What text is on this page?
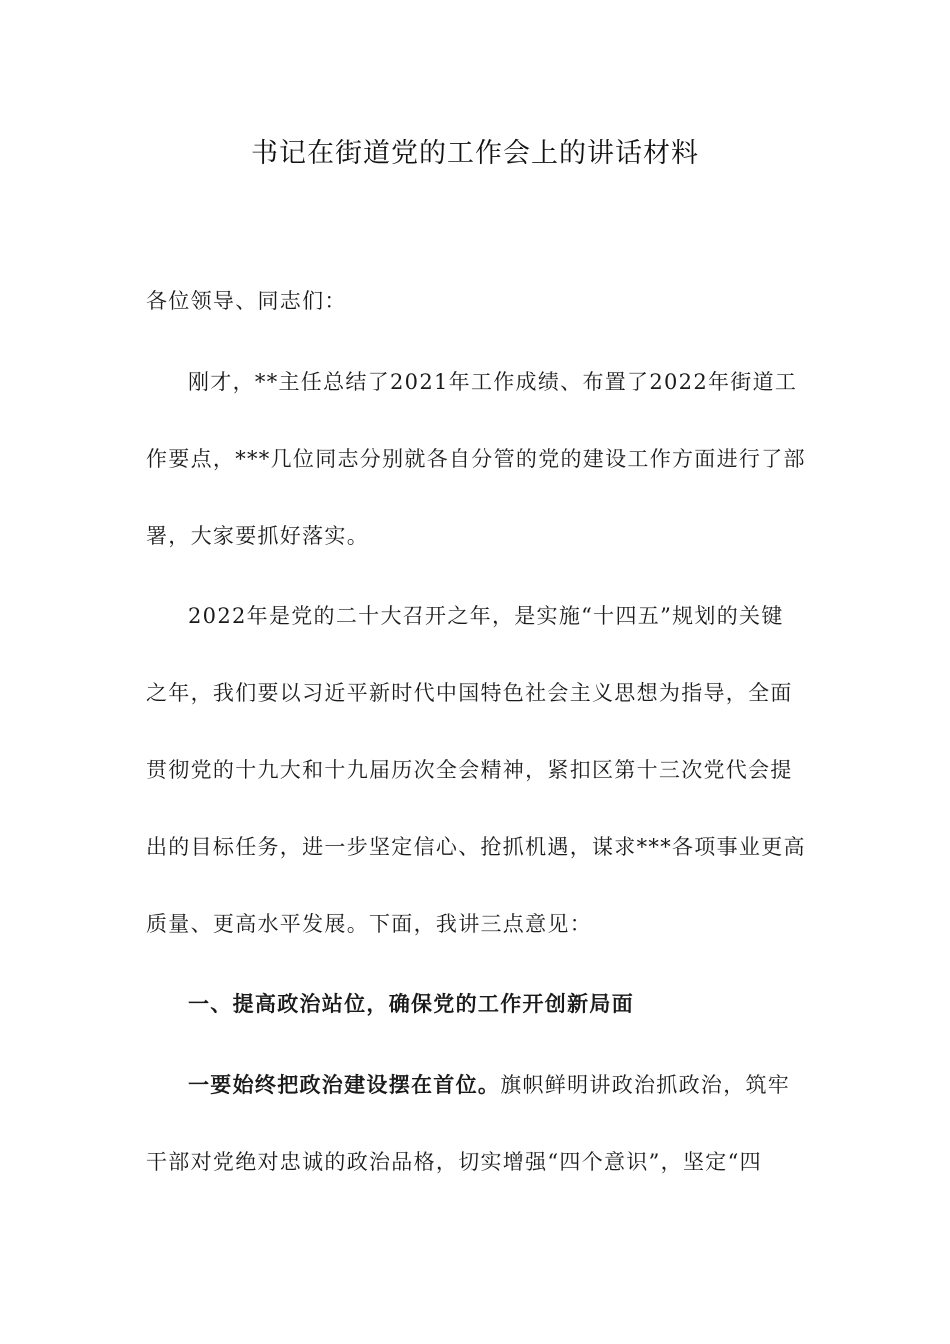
书记在街道党的工作会上的讲话材料

各位领导、同志们：

刚才，**主任总结了2021年工作成绩、布置了2022年街道工

作要点，***几位同志分别就各自分管的党的建设工作方面进行了部

署，大家要抓好落实。

2022年是党的二十大召开之年，是实施“十四五”规划的关键

之年，我们要以习近平新时代中国特色社会主义思想为指导，全面

贯彻党的十九大和十九届历次全会精神，紧扣区第十三次党代会提

出的目标任务，进一步坚定信心、抢抓机遇，谋求***各项事业更高

质量、更高水平发展。下面，我讲三点意见：

一、提高政治站位，确保党的工作开创新局面

一要始终把政治建设摆在首位。旗帜鲜明讲政治抓政治，筑牢

干部对党绝对忠诚的政治品格，切实增强“四个意识”，坚定“四
